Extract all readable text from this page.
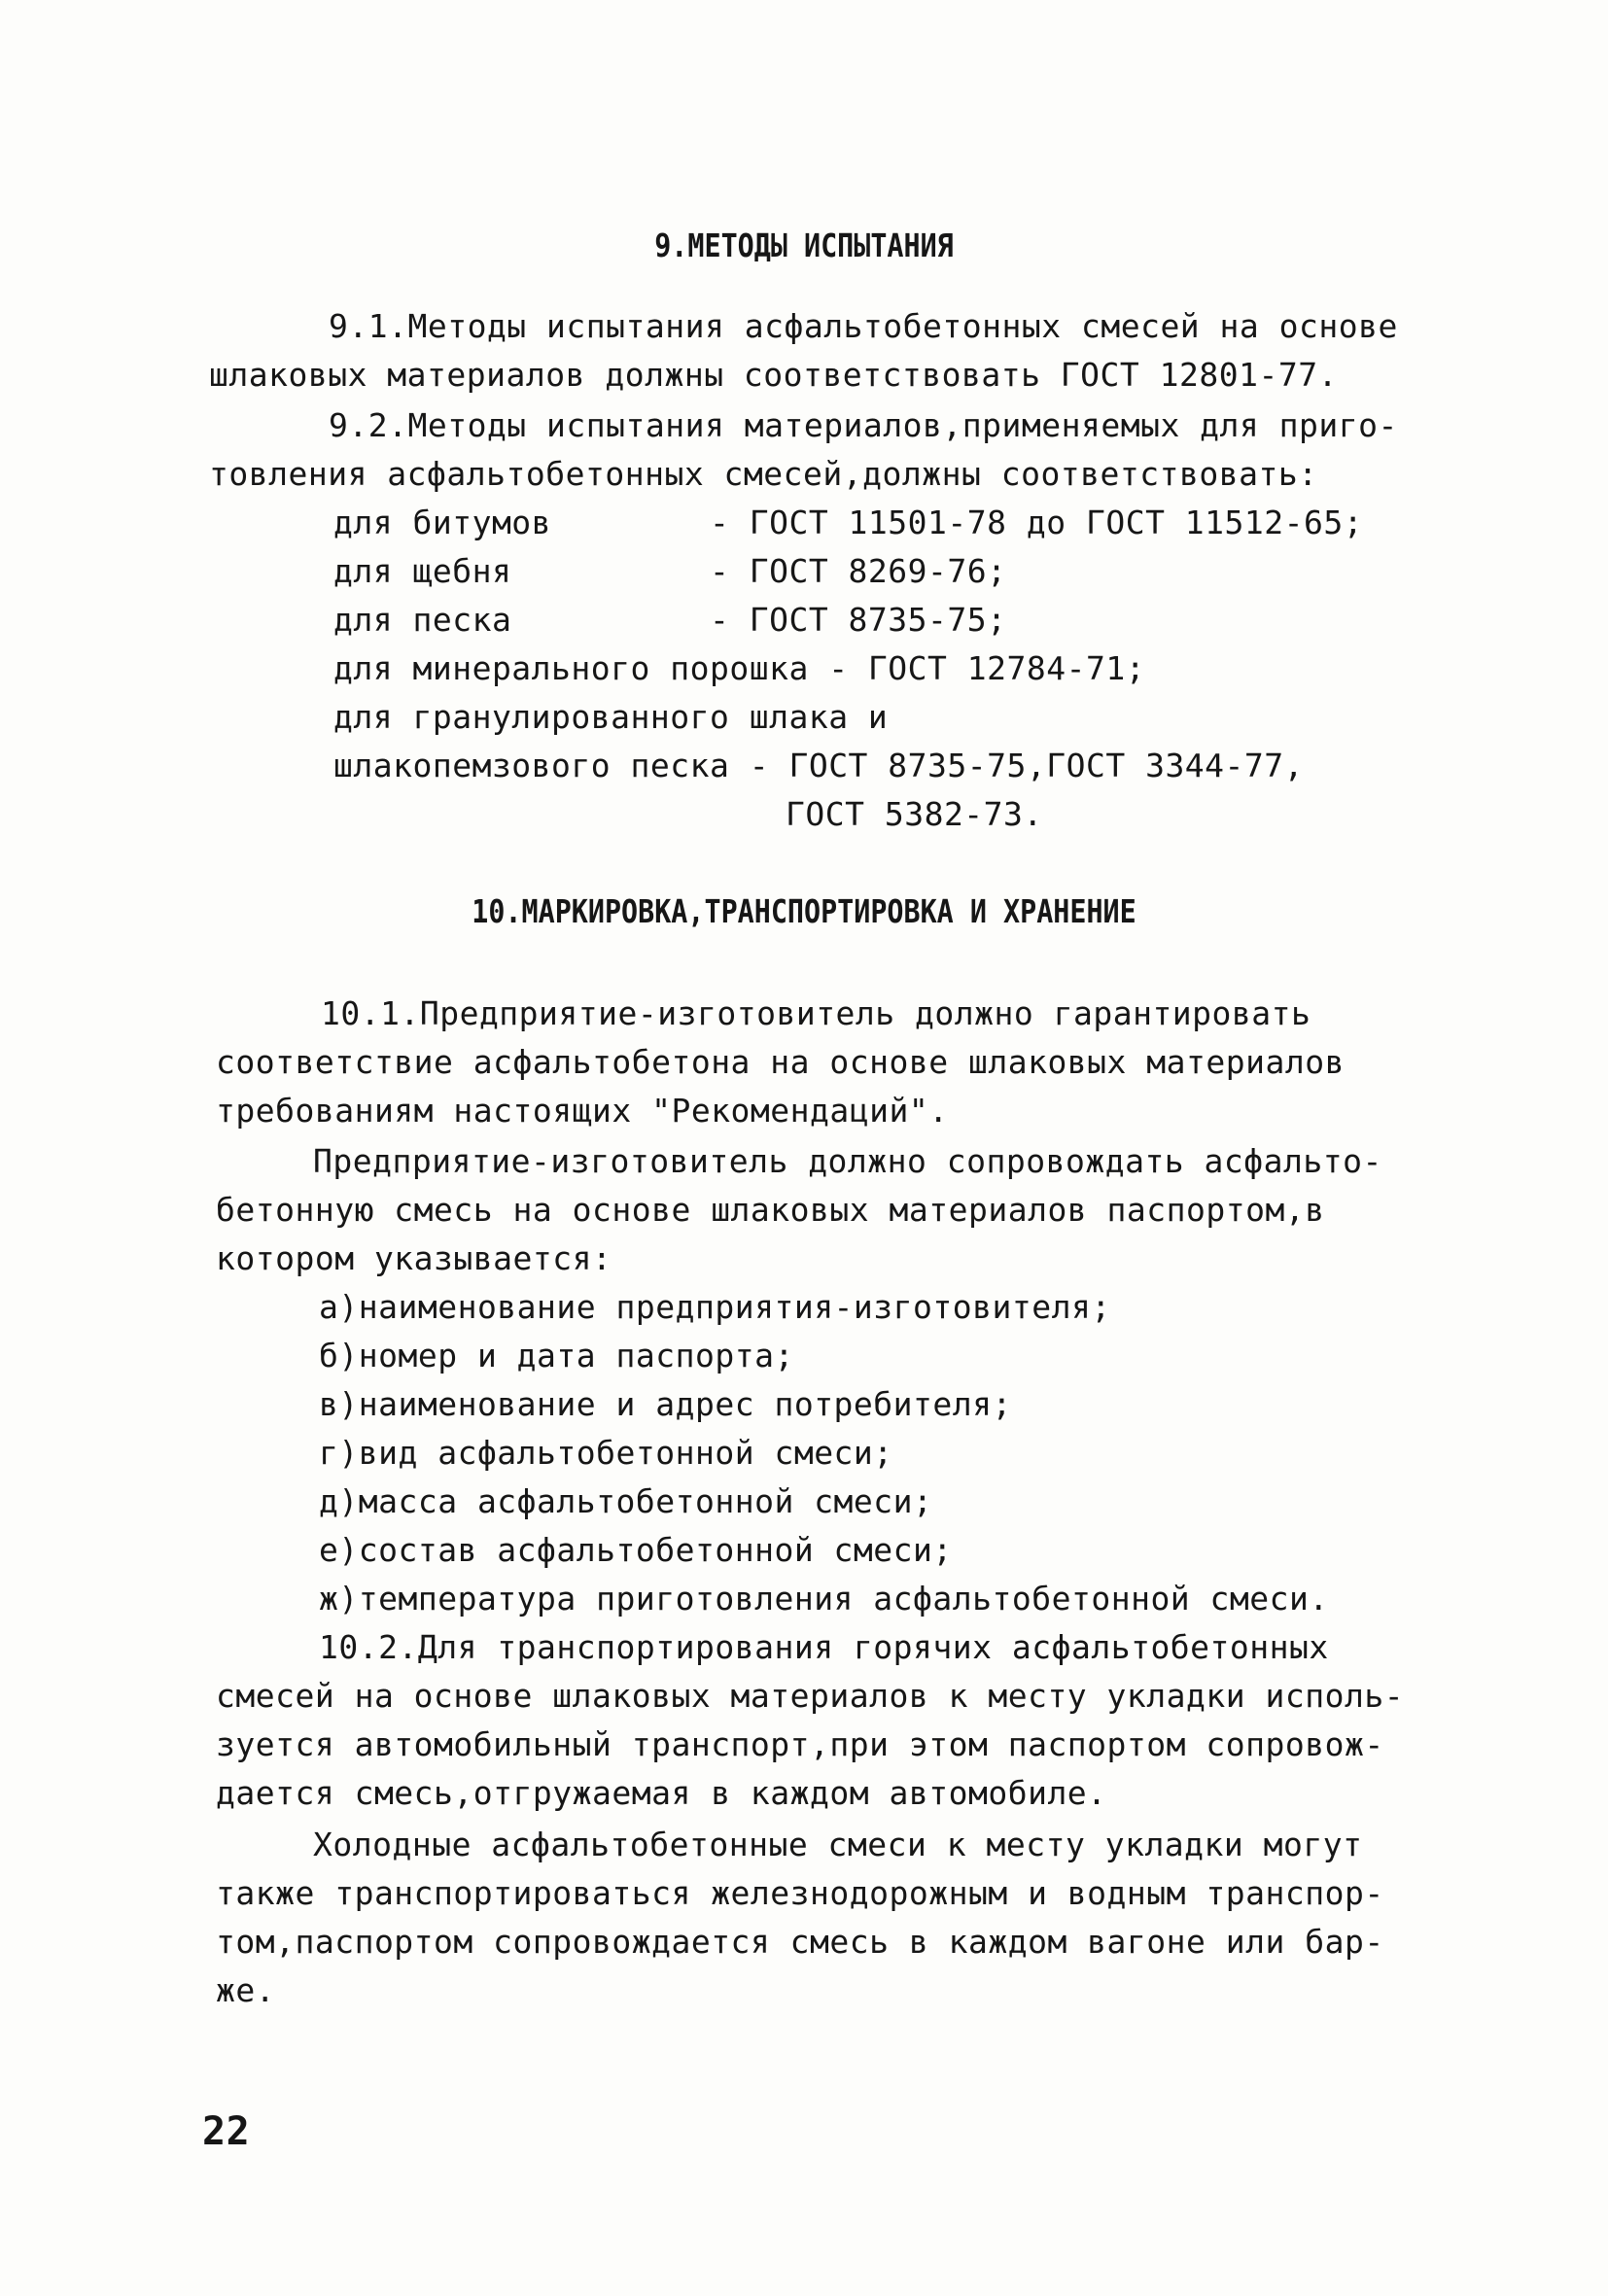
9.МЕТОДЫ ИСПЫТАНИЯ
9.1.Методы испытания асфальтобетонных смесей на основе
шлаковых материалов должны соответствовать ГОСТ 12801-77.
9.2.Методы испытания материалов,применяемых для приго-
товления асфальтобетонных смесей,должны соответствовать:
для битумов        - ГОСТ 11501-78 до ГОСТ 11512-65;
для щебня          - ГОСТ 8269-76;
для песка          - ГОСТ 8735-75;
для минерального порошка - ГОСТ 12784-71;
для гранулированного шлака и
шлакопемзового песка - ГОСТ 8735-75,ГОСТ 3344-77,
ГОСТ 5382-73.
10.МАРКИРОВКА,ТРАНСПОРТИРОВКА И ХРАНЕНИЕ
10.1.Предприятие-изготовитель должно гарантировать
соответствие асфальтобетона на основе шлаковых материалов
требованиям настоящих "Рекомендаций".
Предприятие-изготовитель должно сопровождать асфальто-
бетонную смесь на основе шлаковых материалов паспортом,в
котором указывается:
а)наименование предприятия-изготовителя;
б)номер и дата паспорта;
в)наименование и адрес потребителя;
г)вид асфальтобетонной смеси;
д)масса асфальтобетонной смеси;
е)состав асфальтобетонной смеси;
ж)температура приготовления асфальтобетонной смеси.
10.2.Для транспортирования горячих асфальтобетонных
смесей на основе шлаковых материалов к месту укладки исполь-
зуется автомобильный транспорт,при этом паспортом сопровож-
дается смесь,отгружаемая в каждом автомобиле.
Холодные асфальтобетонные смеси к месту укладки могут
также транспортироваться железнодорожным и водным транспор-
том,паспортом сопровождается смесь в каждом вагоне или бар-
же.
22
